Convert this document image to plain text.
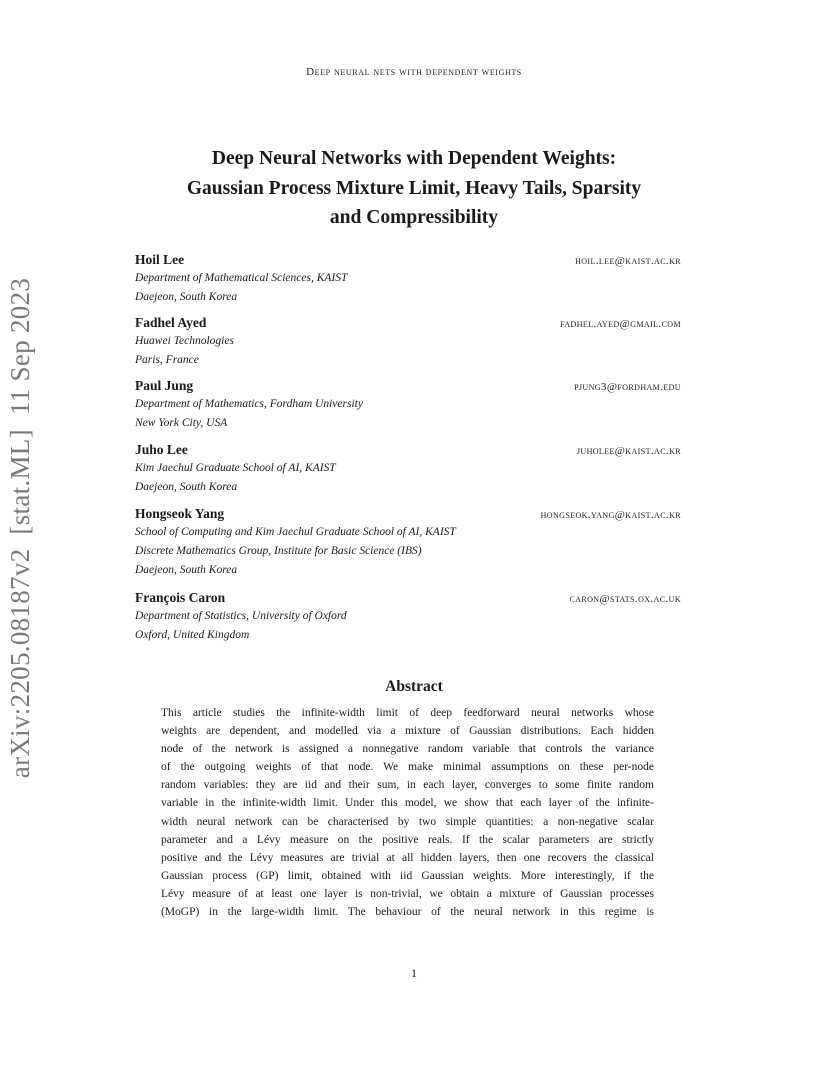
Deep neural nets with dependent weights
arXiv:2205.08187v2
[stat.ML]
11 Sep 2023
Deep Neural Networks with Dependent Weights:
Gaussian Process Mixture Limit, Heavy Tails, Sparsity
and Compressibility
Hoil Lee	hoil.lee@kaist.ac.kr
Department of Mathematical Sciences, KAIST
Daejeon, South Korea
Fadhel Ayed	fadhel.ayed@gmail.com
Huawei Technologies
Paris, France
Paul Jung	pjung3@fordham.edu
Department of Mathematics, Fordham University
New York City, USA
Juho Lee	juholee@kaist.ac.kr
Kim Jaechul Graduate School of AI, KAIST
Daejeon, South Korea
Hongseok Yang	hongseok.yang@kaist.ac.kr
School of Computing and Kim Jaechul Graduate School of AI, KAIST
Discrete Mathematics Group, Institute for Basic Science (IBS)
Daejeon, South Korea
François Caron	caron@stats.ox.ac.uk
Department of Statistics, University of Oxford
Oxford, United Kingdom
Abstract
This article studies the infinite-width limit of deep feedforward neural networks whose
weights are dependent, and modelled via a mixture of Gaussian distributions. Each hidden
node of the network is assigned a nonnegative random variable that controls the variance
of the outgoing weights of that node. We make minimal assumptions on these per-node
random variables: they are iid and their sum, in each layer, converges to some finite random
variable in the infinite-width limit. Under this model, we show that each layer of the infinite-
width neural network can be characterised by two simple quantities: a non-negative scalar
parameter and a Lévy measure on the positive reals. If the scalar parameters are strictly
positive and the Lévy measures are trivial at all hidden layers, then one recovers the classical
Gaussian process (GP) limit, obtained with iid Gaussian weights. More interestingly, if the
Lévy measure of at least one layer is non-trivial, we obtain a mixture of Gaussian processes
(MoGP) in the large-width limit. The behaviour of the neural network in this regime is
1
